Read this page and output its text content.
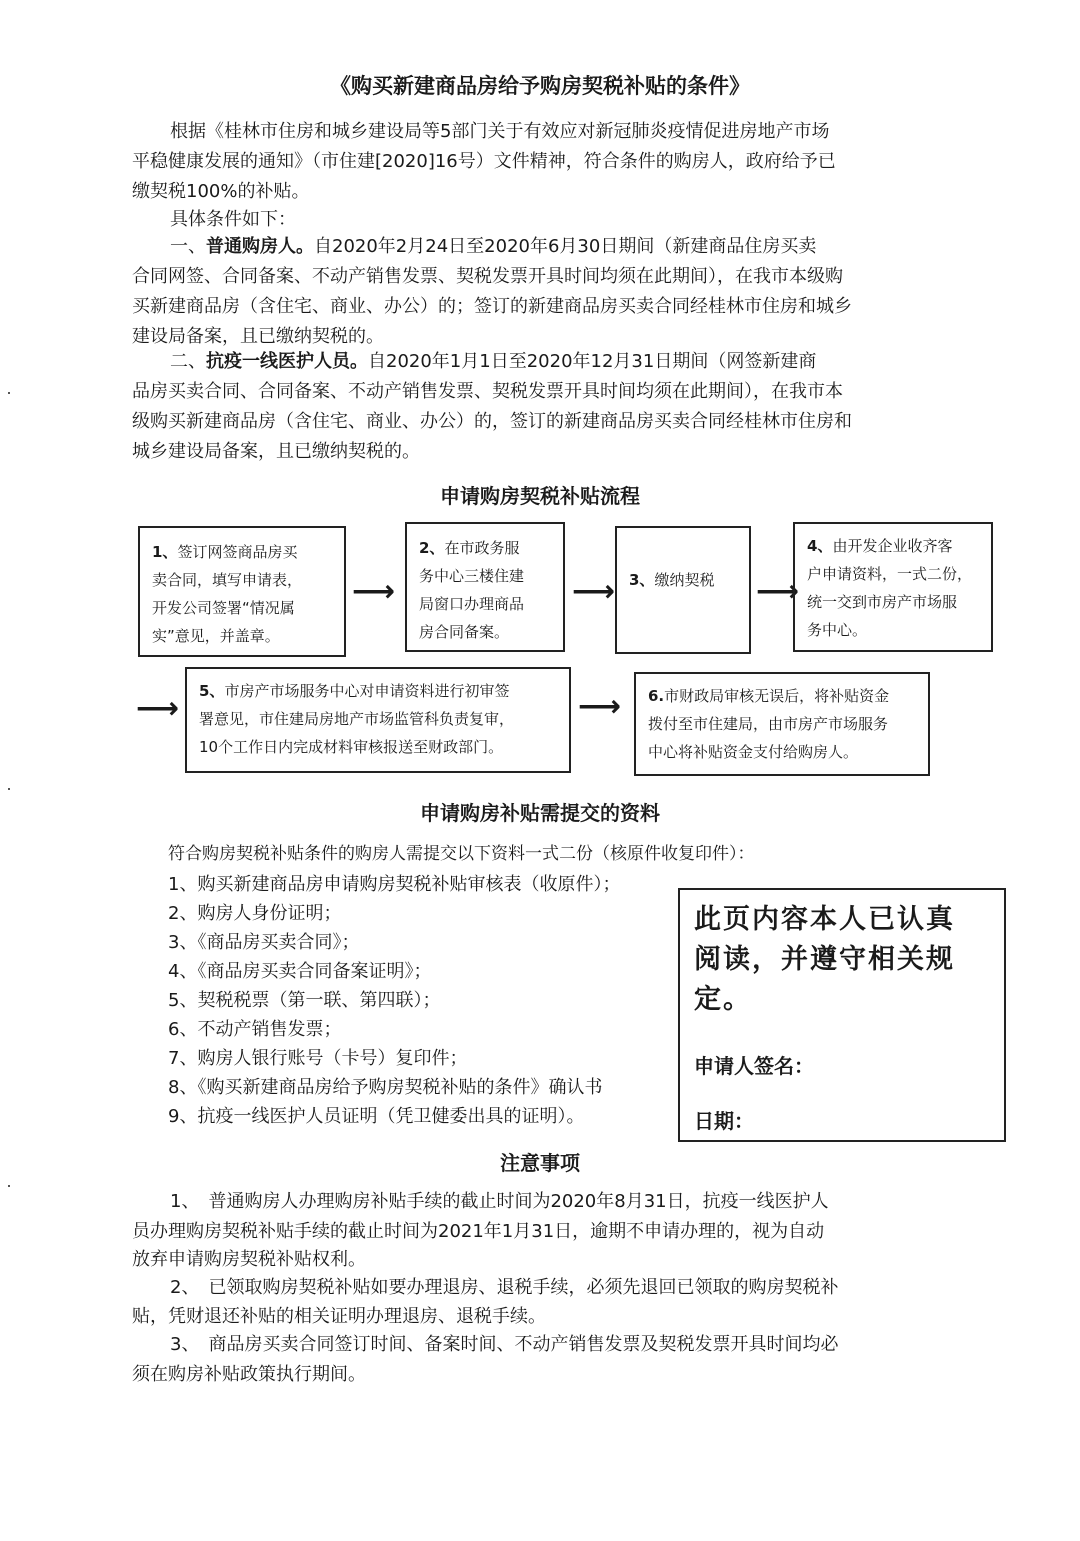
《购买新建商品房给予购房契税补贴的条件》
根据《桂林市住房和城乡建设局等5部门关于有效应对新冠肺炎疫情促进房地产市场
平稳健康发展的通知》（市住建[2020]16号）文件精神，符合条件的购房人，政府给予已
缴契税100%的补贴。
具体条件如下：
一、普通购房人。自2020年2月24日至2020年6月30日期间（新建商品住房买卖
合同网签、合同备案、不动产销售发票、契税发票开具时间均须在此期间），在我市本级购
买新建商品房（含住宅、商业、办公）的；签订的新建商品房买卖合同经桂林市住房和城乡
建设局备案，且已缴纳契税的。
二、抗疫一线医护人员。自2020年1月1日至2020年12月31日期间（网签新建商
品房买卖合同、合同备案、不动产销售发票、契税发票开具时间均须在此期间），在我市本
级购买新建商品房（含住宅、商业、办公）的，签订的新建商品房买卖合同经桂林市住房和
城乡建设局备案，且已缴纳契税的。
申请购房契税补贴流程
1、签订网签商品房买
卖合同，填写申请表，
开发公司签署“情况属
实”意见，并盖章。
⟶
2、在市政务服
务中心三楼住建
局窗口办理商品
房合同备案。
⟶ 3、缴纳契税	⟶
4、由开发企业收齐客
户申请资料，一式二份，
统一交到市房产市场服
务中心。
⟶ 5、市房产市场服务中心对申请资料进行初审签
署意见，市住建局房地产市场监管科负责复审，
10个工作日内完成材料审核报送至财政部门。
⟶ 6.市财政局审核无误后，将补贴资金
拨付至市住建局，由市房产市场服务
中心将补贴资金支付给购房人。
申请购房补贴需提交的资料
符合购房契税补贴条件的购房人需提交以下资料一式二份（核原件收复印件）：
1、购买新建商品房申请购房契税补贴审核表（收原件）；
2、购房人身份证明；
3、《商品房买卖合同》；
4、《商品房买卖合同备案证明》；
5、契税税票（第一联、第四联）；
6、不动产销售发票；
7、购房人银行账号（卡号）复印件；
8、《购买新建商品房给予购房契税补贴的条件》确认书
9、抗疫一线医护人员证明（凭卫健委出具的证明）。
此页内容本人已认真
阅读，并遵守相关规
定。
申请人签名：
日期：
注意事项
1、　普通购房人办理购房补贴手续的截止时间为2020年8月31日，抗疫一线医护人
员办理购房契税补贴手续的截止时间为2021年1月31日，逾期不申请办理的，视为自动
放弃申请购房契税补贴权利。
2、　已领取购房契税补贴如要办理退房、退税手续，必须先退回已领取的购房契税补
贴，凭财退还补贴的相关证明办理退房、退税手续。
3、　商品房买卖合同签订时间、备案时间、不动产销售发票及契税发票开具时间均必
须在购房补贴政策执行期间。
